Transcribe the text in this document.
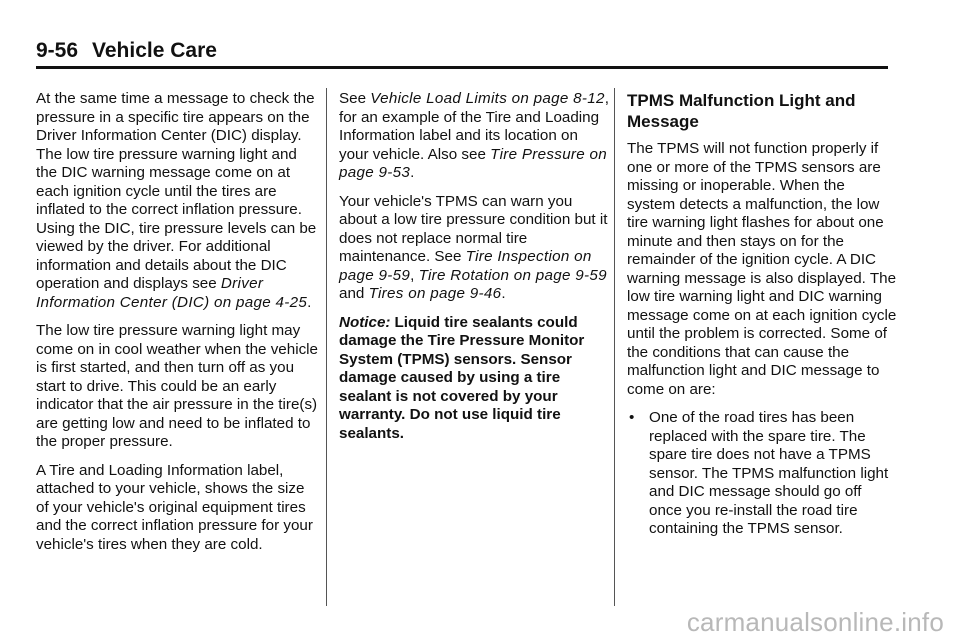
9-56 Vehicle Care

At the same time a message to check the pressure in a specific tire appears on the Driver Information Center (DIC) display. The low tire pressure warning light and the DIC warning message come on at each ignition cycle until the tires are inflated to the correct inflation pressure. Using the DIC, tire pressure levels can be viewed by the driver. For additional information and details about the DIC operation and displays see Driver Information Center (DIC) on page 4‑25.

The low tire pressure warning light may come on in cool weather when the vehicle is first started, and then turn off as you start to drive. This could be an early indicator that the air pressure in the tire(s) are getting low and need to be inflated to the proper pressure.

A Tire and Loading Information label, attached to your vehicle, shows the size of your vehicle's original equipment tires and the correct inflation pressure for your vehicle's tires when they are cold.

See Vehicle Load Limits on page 8‑12, for an example of the Tire and Loading Information label and its location on your vehicle. Also see Tire Pressure on page 9‑53.

Your vehicle's TPMS can warn you about a low tire pressure condition but it does not replace normal tire maintenance. See Tire Inspection on page 9‑59, Tire Rotation on page 9‑59 and Tires on page 9‑46.

Notice: Liquid tire sealants could damage the Tire Pressure Monitor System (TPMS) sensors. Sensor damage caused by using a tire sealant is not covered by your warranty. Do not use liquid tire sealants.

TPMS Malfunction Light and Message

The TPMS will not function properly if one or more of the TPMS sensors are missing or inoperable. When the system detects a malfunction, the low tire warning light flashes for about one minute and then stays on for the remainder of the ignition cycle. A DIC warning message is also displayed. The low tire warning light and DIC warning message come on at each ignition cycle until the problem is corrected. Some of the conditions that can cause the malfunction light and DIC message to come on are:

• One of the road tires has been replaced with the spare tire. The spare tire does not have a TPMS sensor. The TPMS malfunction light and DIC message should go off once you re-install the road tire containing the TPMS sensor.
carmanualsonline.info
